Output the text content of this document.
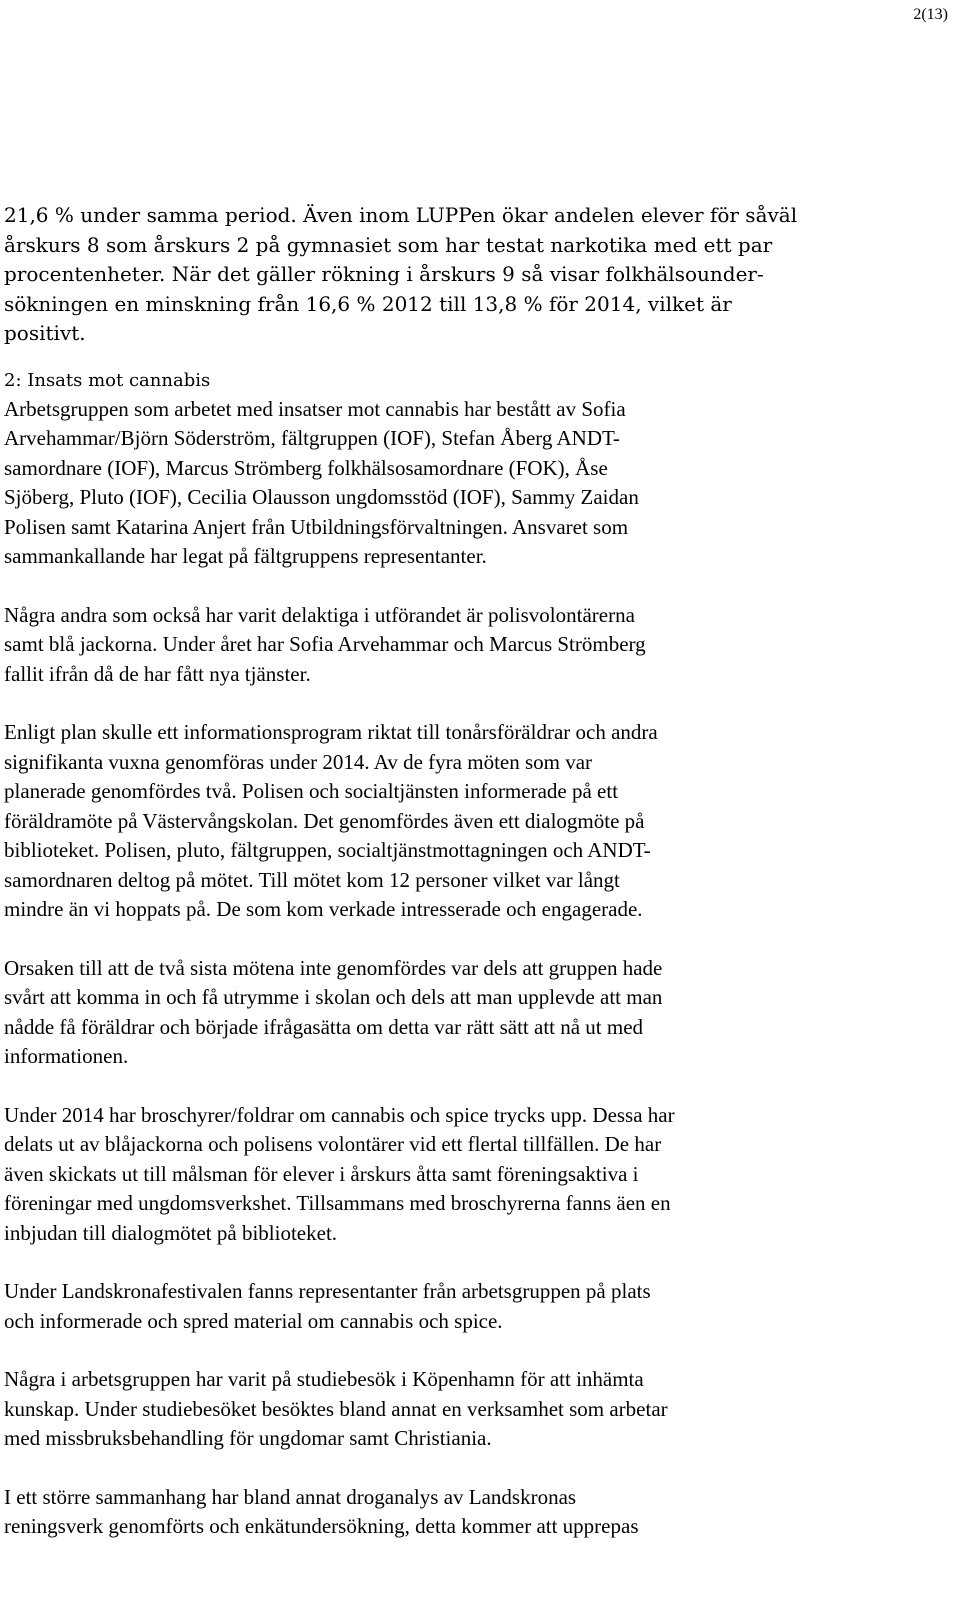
2(13)

21,6 % under samma period. Även inom LUPPen ökar andelen elever för såväl
årskurs 8 som årskurs 2 på gymnasiet som har testat narkotika med ett par
procentenheter. När det gäller rökning i årskurs 9 så visar folkhälsounder-
sökningen en minskning från 16,6 % 2012 till 13,8 % för 2014, vilket är
positivt.

2: Insats mot cannabis

Arbetsgruppen som arbetet med insatser mot cannabis har bestått av Sofia
Arvehammar/Björn Söderström, fältgruppen (IOF), Stefan Åberg ANDT-
samordnare (IOF), Marcus Strömberg folkhälsosamordnare (FOK), Åse
Sjöberg, Pluto (IOF), Cecilia Olausson ungdomsstöd (IOF), Sammy Zaidan
Polisen samt Katarina Anjert från Utbildningsförvaltningen. Ansvaret som
sammankallande har legat på fältgruppens representanter.

Några andra som också har varit delaktiga i utförandet är polisvolontärerna
samt blå jackorna. Under året har Sofia Arvehammar och Marcus Strömberg
fallit ifrån då de har fått nya tjänster.

Enligt plan skulle ett informationsprogram riktat till tonårsföräldrar och andra
signifikanta vuxna genomföras under 2014. Av de fyra möten som var
planerade genomfördes två. Polisen och socialtjänsten informerade på ett
föräldramöte på Västervångskolan. Det genomfördes även ett dialogmöte på
biblioteket. Polisen, pluto, fältgruppen, socialtjänstmottagningen och ANDT-
samordnaren deltog på mötet. Till mötet kom 12 personer vilket var långt
mindre än vi hoppats på. De som kom verkade intresserade och engagerade.

Orsaken till att de två sista mötena inte genomfördes var dels att gruppen hade
svårt att komma in och få utrymme i skolan och dels att man upplevde att man
nådde få föräldrar och började ifrågasätta om detta var rätt sätt att nå ut med
informationen.

Under 2014 har broschyrer/foldrar om cannabis och spice trycks upp. Dessa har
delats ut av blåjackorna och polisens volontärer vid ett flertal tillfällen. De har
även skickats ut till målsman för elever i årskurs åtta samt föreningsaktiva i
föreningar med ungdomsverkshet. Tillsammans med broschyrerna fanns äen en
inbjudan till dialogmötet på biblioteket.

Under Landskronafestivalen fanns representanter från arbetsgruppen på plats
och informerade och spred material om cannabis och spice.

Några i arbetsgruppen har varit på studiebesök i Köpenhamn för att inhämta
kunskap. Under studiebesöket besöktes bland annat en verksamhet som arbetar
med missbruksbehandling för ungdomar samt Christiania.

I ett större sammanhang har bland annat droganalys av Landskronas
reningsverk genomförts och enkätundersökning, detta kommer att upprepas
